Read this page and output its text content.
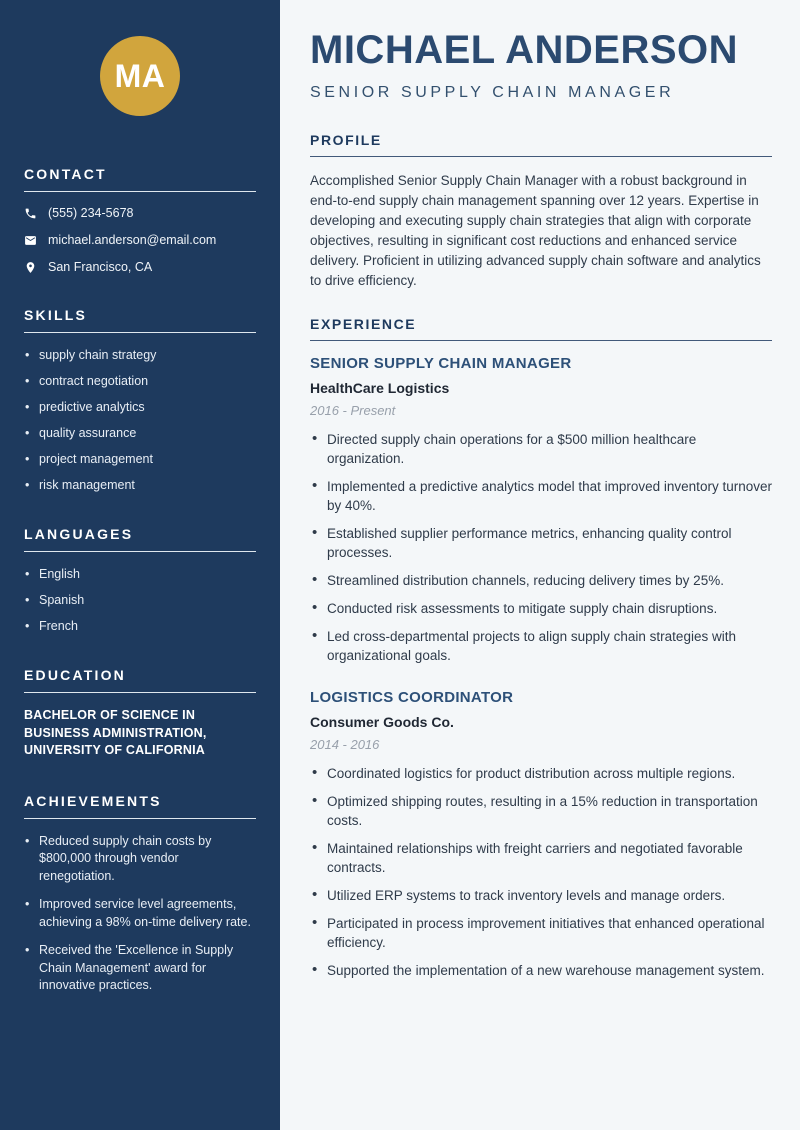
MA
CONTACT
(555) 234-5678
michael.anderson@email.com
San Francisco, CA
SKILLS
• supply chain strategy
• contract negotiation
• predictive analytics
• quality assurance
• project management
• risk management
LANGUAGES
• English
• Spanish
• French
EDUCATION
BACHELOR OF SCIENCE IN BUSINESS ADMINISTRATION, UNIVERSITY OF CALIFORNIA
ACHIEVEMENTS
• Reduced supply chain costs by $800,000 through vendor renegotiation.
• Improved service level agreements, achieving a 98% on-time delivery rate.
• Received the 'Excellence in Supply Chain Management' award for innovative practices.
MICHAEL ANDERSON
SENIOR SUPPLY CHAIN MANAGER
PROFILE

Accomplished Senior Supply Chain Manager with a robust background in end-to-end supply chain management spanning over 12 years. Expertise in developing and executing supply chain strategies that align with corporate objectives, resulting in significant cost reductions and enhanced service delivery. Proficient in utilizing advanced supply chain software and analytics to drive efficiency.

EXPERIENCE
SENIOR SUPPLY CHAIN MANAGER
HealthCare Logistics
2016 - Present
• Directed supply chain operations for a $500 million healthcare organization.
• Implemented a predictive analytics model that improved inventory turnover by 40%.
• Established supplier performance metrics, enhancing quality control processes.
• Streamlined distribution channels, reducing delivery times by 25%.
• Conducted risk assessments to mitigate supply chain disruptions.
• Led cross-departmental projects to align supply chain strategies with organizational goals.
LOGISTICS COORDINATOR
Consumer Goods Co.
2014 - 2016
• Coordinated logistics for product distribution across multiple regions.
• Optimized shipping routes, resulting in a 15% reduction in transportation costs.
• Maintained relationships with freight carriers and negotiated favorable contracts.
• Utilized ERP systems to track inventory levels and manage orders.
• Participated in process improvement initiatives that enhanced operational efficiency.
• Supported the implementation of a new warehouse management system.
